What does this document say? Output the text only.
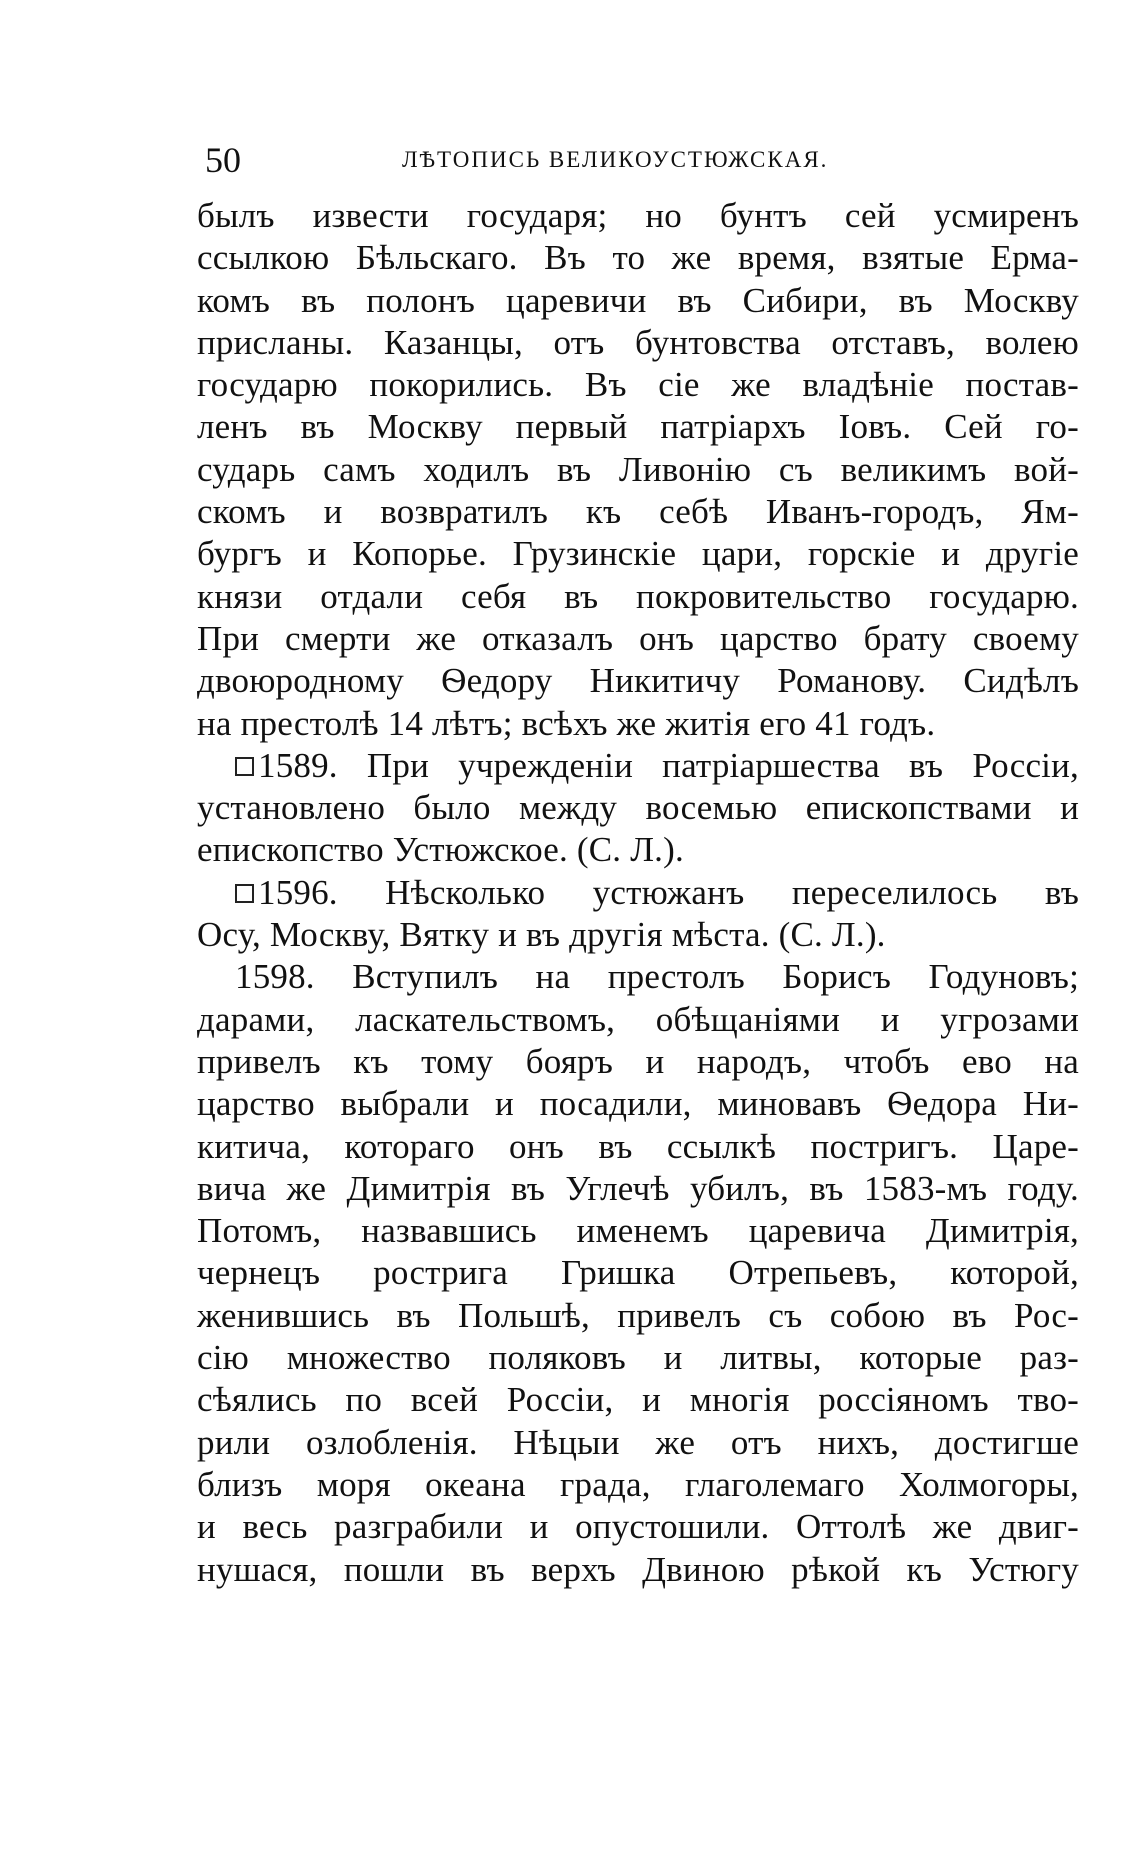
50	ЛѢТОПИСЬ ВЕЛИКОУСТЮЖСКАЯ.
былъ извести государя; но бунтъ сей усмиренъ
ссылкою Бѣльскаго. Въ то же время, взятые Ерма-
комъ въ полонъ царевичи въ Сибири, въ Москву
присланы. Казанцы, отъ бунтовства отставъ, волею
государю покорились. Въ сіе же владѣніе постав-
ленъ въ Москву первый патріархъ Іовъ. Сей го-
сударь самъ ходилъ въ Ливонію съ великимъ вой-
скомъ и возвратилъ къ себѣ Иванъ-городъ, Ям-
бургъ и Копорье. Грузинскіе цари, горскіе и другіе
князи отдали себя въ покровительство государю.
При смерти же отказалъ онъ царство брату своему
двоюродному Ѳедору Никитичу Романову. Сидѣлъ
на престолѣ 14 лѣтъ; всѣхъ же житія его 41 годъ.
1589. При учрежденіи патріаршества въ Россіи,
установлено было между восемью епископствами и
епископство Устюжское. (С. Л.).
1596. Нѣсколько устюжанъ переселилось въ
Осу, Москву, Вятку и въ другія мѣста. (С. Л.).
1598. Вступилъ на престолъ Борисъ Годуновъ;
дарами, ласкательствомъ, обѣщаніями и угрозами
привелъ къ тому бояръ и народъ, чтобъ ево на
царство выбрали и посадили, миновавъ Ѳедора Ни-
китича, котораго онъ въ ссылкѣ постригъ. Царе-
вича же Димитрія въ Углечѣ убилъ, въ 1583-мъ году.
Потомъ, назвавшись именемъ царевича Димитрія,
чернецъ рострига Гришка Отрепьевъ, которой,
женившись въ Польшѣ, привелъ съ собою въ Рос-
сію множество поляковъ и литвы, которые раз-
сѣялись по всей Россіи, и многія россіяномъ тво-
рили озлобленія. Нѣцыи же отъ нихъ, достигше
близъ моря океана града, глаголемаго Холмогоры,
и весь разграбили и опустошили. Оттолѣ же двиг-
нушася, пошли въ верхъ Двиною рѣкой къ Устюгу
